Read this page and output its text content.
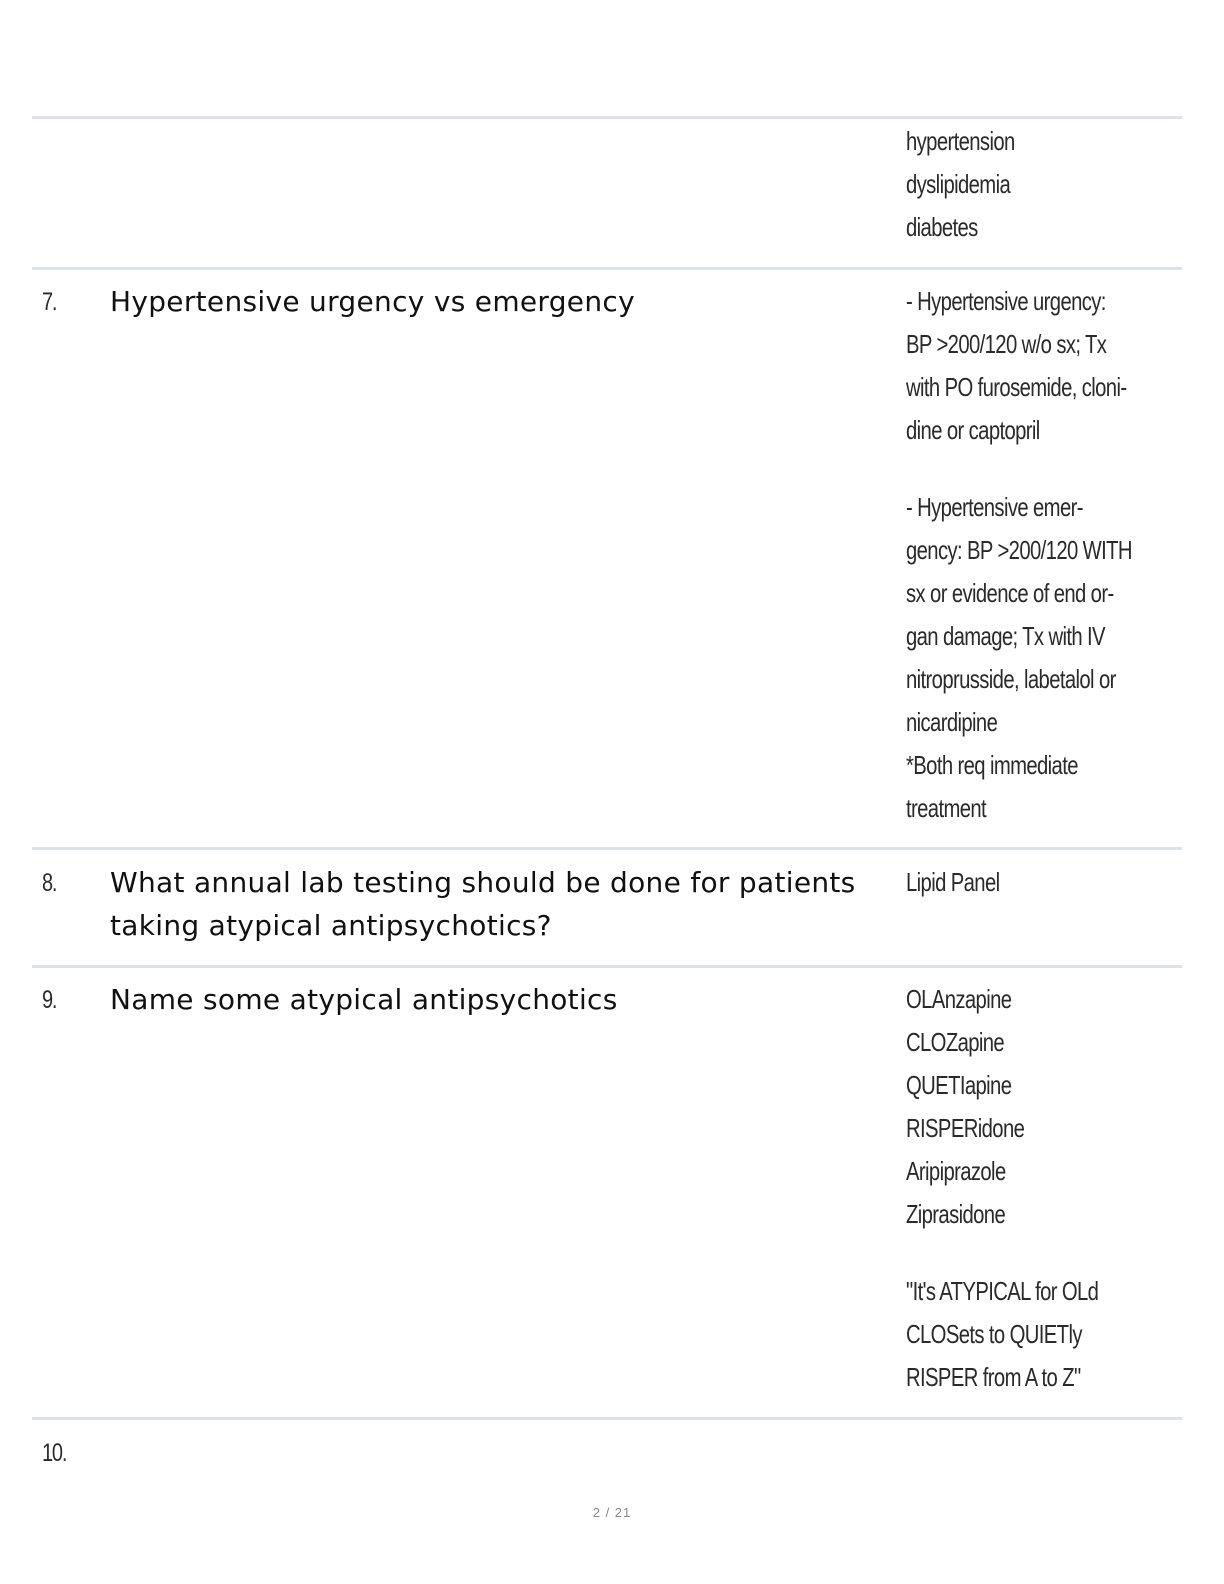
hypertension
dyslipidemia
diabetes
7. Hypertensive urgency vs emergency	- Hypertensive urgency:
BP >200/120 w/o sx; Tx
with PO furosemide, cloni-
dine or captopril
- Hypertensive emer-
gency: BP >200/120 WITH
sx or evidence of end or-
gan damage; Tx with IV
nitroprusside, labetalol or
nicardipine
*Both req immediate
treatment
8. What annual lab testing should be done for patients taking atypical antipsychotics?
Lipid Panel
9. Name some atypical antipsychotics	OLAnzapine
CLOZapine
QUETIapine
RISPERidone
Aripiprazole
Ziprasidone
"It's ATYPICAL for OLd
CLOSets to QUIETly
RISPER from A to Z"
10.
2 / 21
